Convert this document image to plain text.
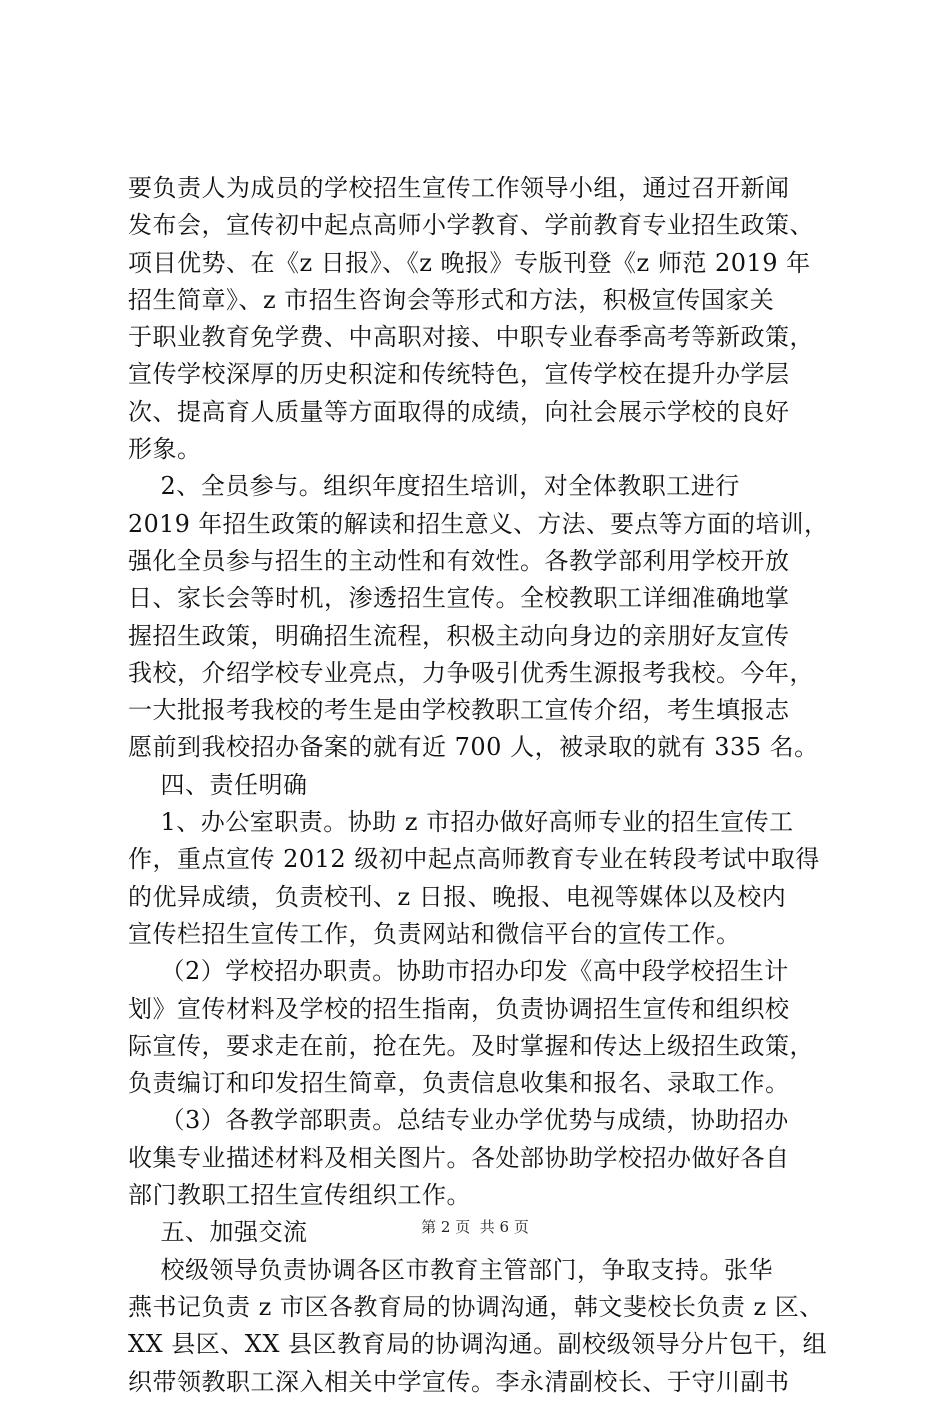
要负责人为成员的学校招生宣传工作领导小组，通过召开新闻
发布会，宣传初中起点高师小学教育、学前教育专业招生政策、
项目优势、在《z 日报》、《z 晚报》专版刊登《z 师范 2019 年
招生简章》、z 市招生咨询会等形式和方法，积极宣传国家关
于职业教育免学费、中高职对接、中职专业春季高考等新政策，
宣传学校深厚的历史积淀和传统特色，宣传学校在提升办学层
次、提高育人质量等方面取得的成绩，向社会展示学校的良好
形象。
2、全员参与。组织年度招生培训，对全体教职工进行
2019 年招生政策的解读和招生意义、方法、要点等方面的培训，
强化全员参与招生的主动性和有效性。各教学部利用学校开放
日、家长会等时机，渗透招生宣传。全校教职工详细准确地掌
握招生政策，明确招生流程，积极主动向身边的亲朋好友宣传
我校，介绍学校专业亮点，力争吸引优秀生源报考我校。今年，
一大批报考我校的考生是由学校教职工宣传介绍，考生填报志
愿前到我校招办备案的就有近 700 人，被录取的就有 335 名。
四、责任明确
1、办公室职责。协助 z 市招办做好高师专业的招生宣传工
作，重点宣传 2012 级初中起点高师教育专业在转段考试中取得
的优异成绩，负责校刊、z 日报、晚报、电视等媒体以及校内
宣传栏招生宣传工作，负责网站和微信平台的宣传工作。
（2）学校招办职责。协助市招办印发《高中段学校招生计
划》宣传材料及学校的招生指南，负责协调招生宣传和组织校
际宣传，要求走在前，抢在先。及时掌握和传达上级招生政策，
负责编订和印发招生简章，负责信息收集和报名、录取工作。
（3）各教学部职责。总结专业办学优势与成绩，协助招办
收集专业描述材料及相关图片。各处部协助学校招办做好各自
部门教职工招生宣传组织工作。
五、加强交流
校级领导负责协调各区市教育主管部门，争取支持。张华
燕书记负责 z 市区各教育局的协调沟通，韩文斐校长负责 z 区、
XX 县区、XX 县区教育局的协调沟通。副校级领导分片包干，组
织带领教职工深入相关中学宣传。李永清副校长、于守川副书
第 2 页  共 6 页
